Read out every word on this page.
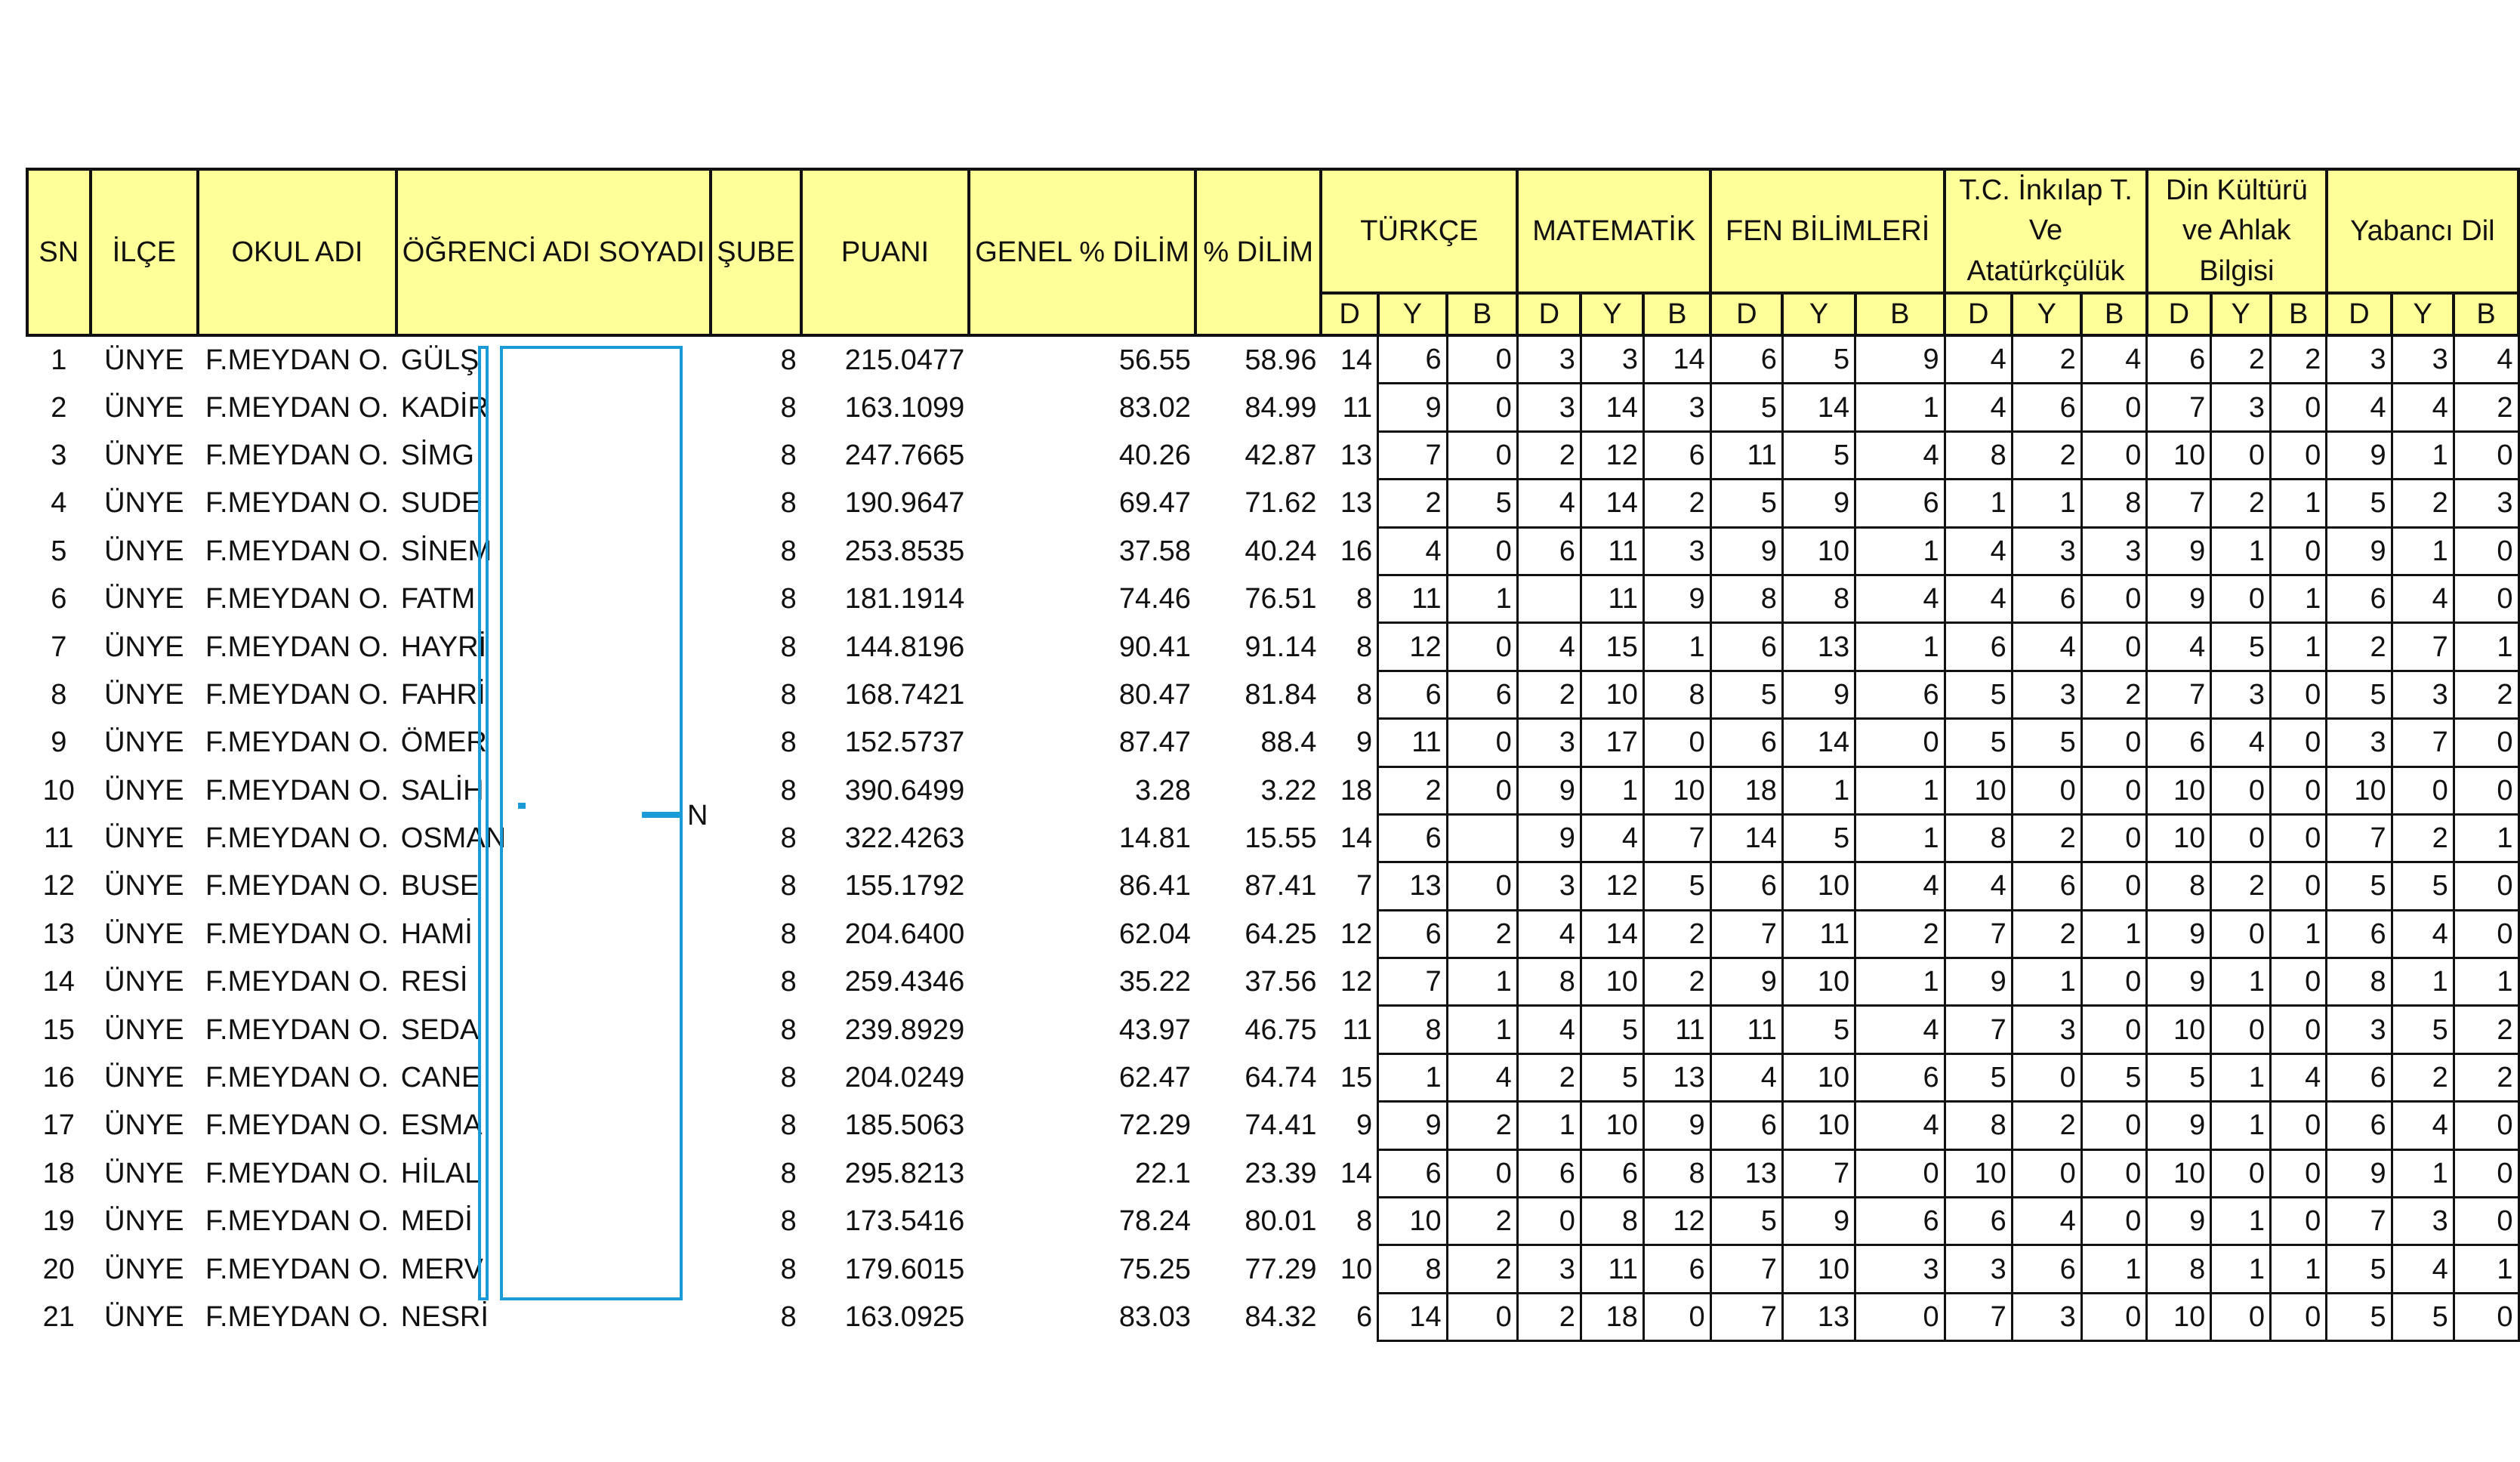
SN	İLÇE	OKUL ADI	ÖĞRENCİ ADI SOYADI	ŞUBE	PUANI	GENEL % DİLİM	% DİLİM	TÜRKÇE			MATEMATİK			FEN BİLİMLERİ			T.C. İnkılap T. Ve Atatürkçülük			Din Kültürü ve Ahlak Bilgisi			Yabancı Dil		
								D	Y	B	D	Y	B	D	Y	B	D	Y	B	D	Y	B	D	Y	B
1	ÜNYE	F.MEYDAN O.	GÜLŞ	8	215.0477	56.55	58.96	14	6	0	3	3	14	6	5	9	4	2	4	6	2	2	3	3	4
2	ÜNYE	F.MEYDAN O.	KADİR	8	163.1099	83.02	84.99	11	9	0	3	14	3	5	14	1	4	6	0	7	3	0	4	4	2
3	ÜNYE	F.MEYDAN O.	SİMG	8	247.7665	40.26	42.87	13	7	0	2	12	6	11	5	4	8	2	0	10	0	0	9	1	0
4	ÜNYE	F.MEYDAN O.	SUDE	8	190.9647	69.47	71.62	13	2	5	4	14	2	5	9	6	1	1	8	7	2	1	5	2	3
5	ÜNYE	F.MEYDAN O.	SİNEM	8	253.8535	37.58	40.24	16	4	0	6	11	3	9	10	1	4	3	3	9	1	0	9	1	0
6	ÜNYE	F.MEYDAN O.	FATM	8	181.1914	74.46	76.51	8	11	1		11	9	8	8	4	4	6	0	9	0	1	6	4	0
7	ÜNYE	F.MEYDAN O.	HAYRİ	8	144.8196	90.41	91.14	8	12	0	4	15	1	6	13	1	6	4	0	4	5	1	2	7	1
8	ÜNYE	F.MEYDAN O.	FAHRİ	8	168.7421	80.47	81.84	8	6	6	2	10	8	5	9	6	5	3	2	7	3	0	5	3	2
9	ÜNYE	F.MEYDAN O.	ÖMER	8	152.5737	87.47	88.4	9	11	0	3	17	0	6	14	0	5	5	0	6	4	0	3	7	0
10	ÜNYE	F.MEYDAN O.	SALİH	8	390.6499	3.28	3.22	18	2	0	9	1	10	18	1	1	10	0	0	10	0	0	10	0	0
11	ÜNYE	F.MEYDAN O.	OSMAN	8	322.4263	14.81	15.55	14	6		9	4	7	14	5	1	8	2	0	10	0	0	7	2	1
12	ÜNYE	F.MEYDAN O.	BUSE	8	155.1792	86.41	87.41	7	13	0	3	12	5	6	10	4	4	6	0	8	2	0	5	5	0
13	ÜNYE	F.MEYDAN O.	HAMİ	8	204.6400	62.04	64.25	12	6	2	4	14	2	7	11	2	7	2	1	9	0	1	6	4	0
14	ÜNYE	F.MEYDAN O.	RESİ	8	259.4346	35.22	37.56	12	7	1	8	10	2	9	10	1	9	1	0	9	1	0	8	1	1
15	ÜNYE	F.MEYDAN O.	SEDA	8	239.8929	43.97	46.75	11	8	1	4	5	11	11	5	4	7	3	0	10	0	0	3	5	2
16	ÜNYE	F.MEYDAN O.	CANE	8	204.0249	62.47	64.74	15	1	4	2	5	13	4	10	6	5	0	5	5	1	4	6	2	2
17	ÜNYE	F.MEYDAN O.	ESMA	8	185.5063	72.29	74.41	9	9	2	1	10	9	6	10	4	8	2	0	9	1	0	6	4	0
18	ÜNYE	F.MEYDAN O.	HİLAL	8	295.8213	22.1	23.39	14	6	0	6	6	8	13	7	0	10	0	0	10	0	0	9	1	0
19	ÜNYE	F.MEYDAN O.	MEDİ	8	173.5416	78.24	80.01	8	10	2	0	8	12	5	9	6	6	4	0	9	1	0	7	3	0
20	ÜNYE	F.MEYDAN O.	MERV	8	179.6015	75.25	77.29	10	8	2	3	11	6	7	10	3	3	6	1	8	1	1	5	4	1
21	ÜNYE	F.MEYDAN O.	NESRİ	8	163.0925	83.03	84.32	6	14	0	2	18	0	7	13	0	7	3	0	10	0	0	5	5	0
N
